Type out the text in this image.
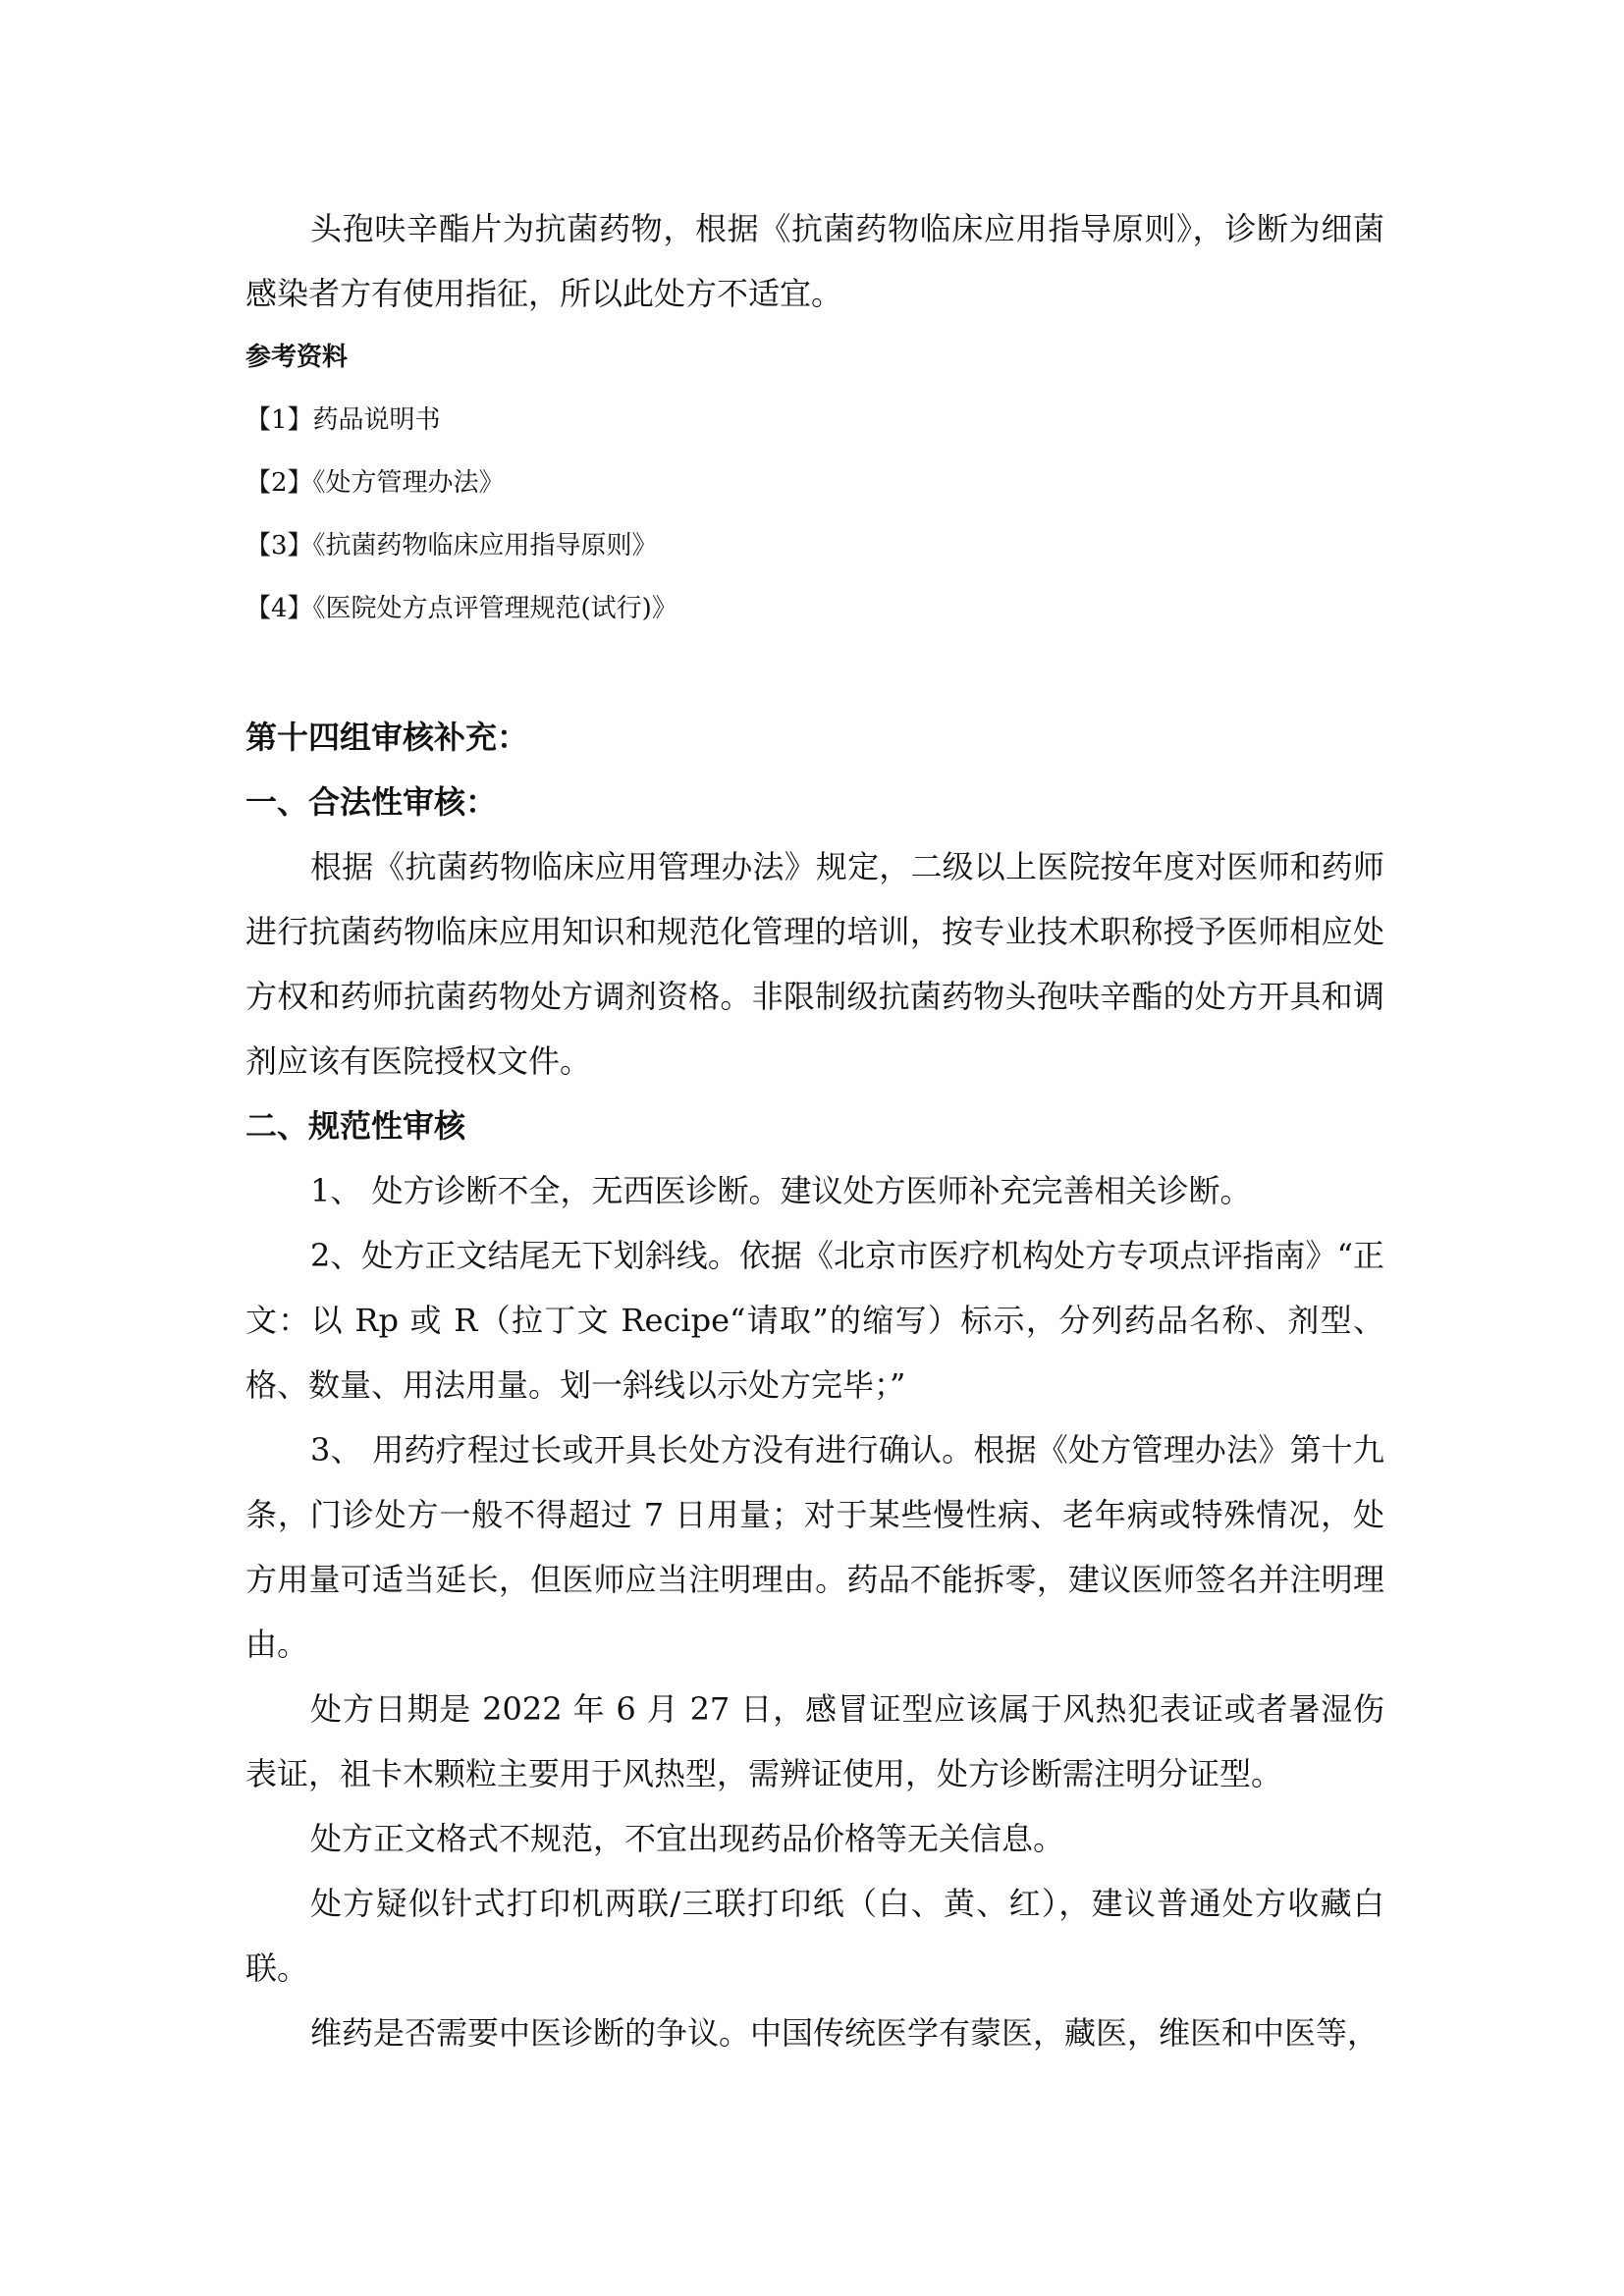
头孢呋辛酯片为抗菌药物，根据《抗菌药物临床应用指导原则》，诊断为细菌感染者方有使用指征，所以此处方不适宜。

参考资料

【1】药品说明书

【2】《处方管理办法》

【3】《抗菌药物临床应用指导原则》

【4】《医院处方点评管理规范(试行)》

第十四组审核补充：

一、合法性审核：

根据《抗菌药物临床应用管理办法》规定，二级以上医院按年度对医师和药师进行抗菌药物临床应用知识和规范化管理的培训，按专业技术职称授予医师相应处方权和药师抗菌药物处方调剂资格。非限制级抗菌药物头孢呋辛酯的处方开具和调剂应该有医院授权文件。

二、规范性审核

1、 处方诊断不全，无西医诊断。建议处方医师补充完善相关诊断。

2、处方正文结尾无下划斜线。依据《北京市医疗机构处方专项点评指南》“正文：以 Rp 或 R（拉丁文 Recipe“请取”的缩写）标示，分列药品名称、剂型、格、数量、用法用量。划一斜线以示处方完毕；”

3、 用药疗程过长或开具长处方没有进行确认。根据《处方管理办法》第十九条，门诊处方一般不得超过 7 日用量；对于某些慢性病、老年病或特殊情况，处方用量可适当延长，但医师应当注明理由。药品不能拆零，建议医师签名并注明理由。

处方日期是 2022 年 6 月 27 日，感冒证型应该属于风热犯表证或者暑湿伤表证，祖卡木颗粒主要用于风热型，需辨证使用，处方诊断需注明分证型。

处方正文格式不规范，不宜出现药品价格等无关信息。

处方疑似针式打印机两联/三联打印纸（白、黄、红），建议普通处方收藏白联。

维药是否需要中医诊断的争议。中国传统医学有蒙医，藏医，维医和中医等，
